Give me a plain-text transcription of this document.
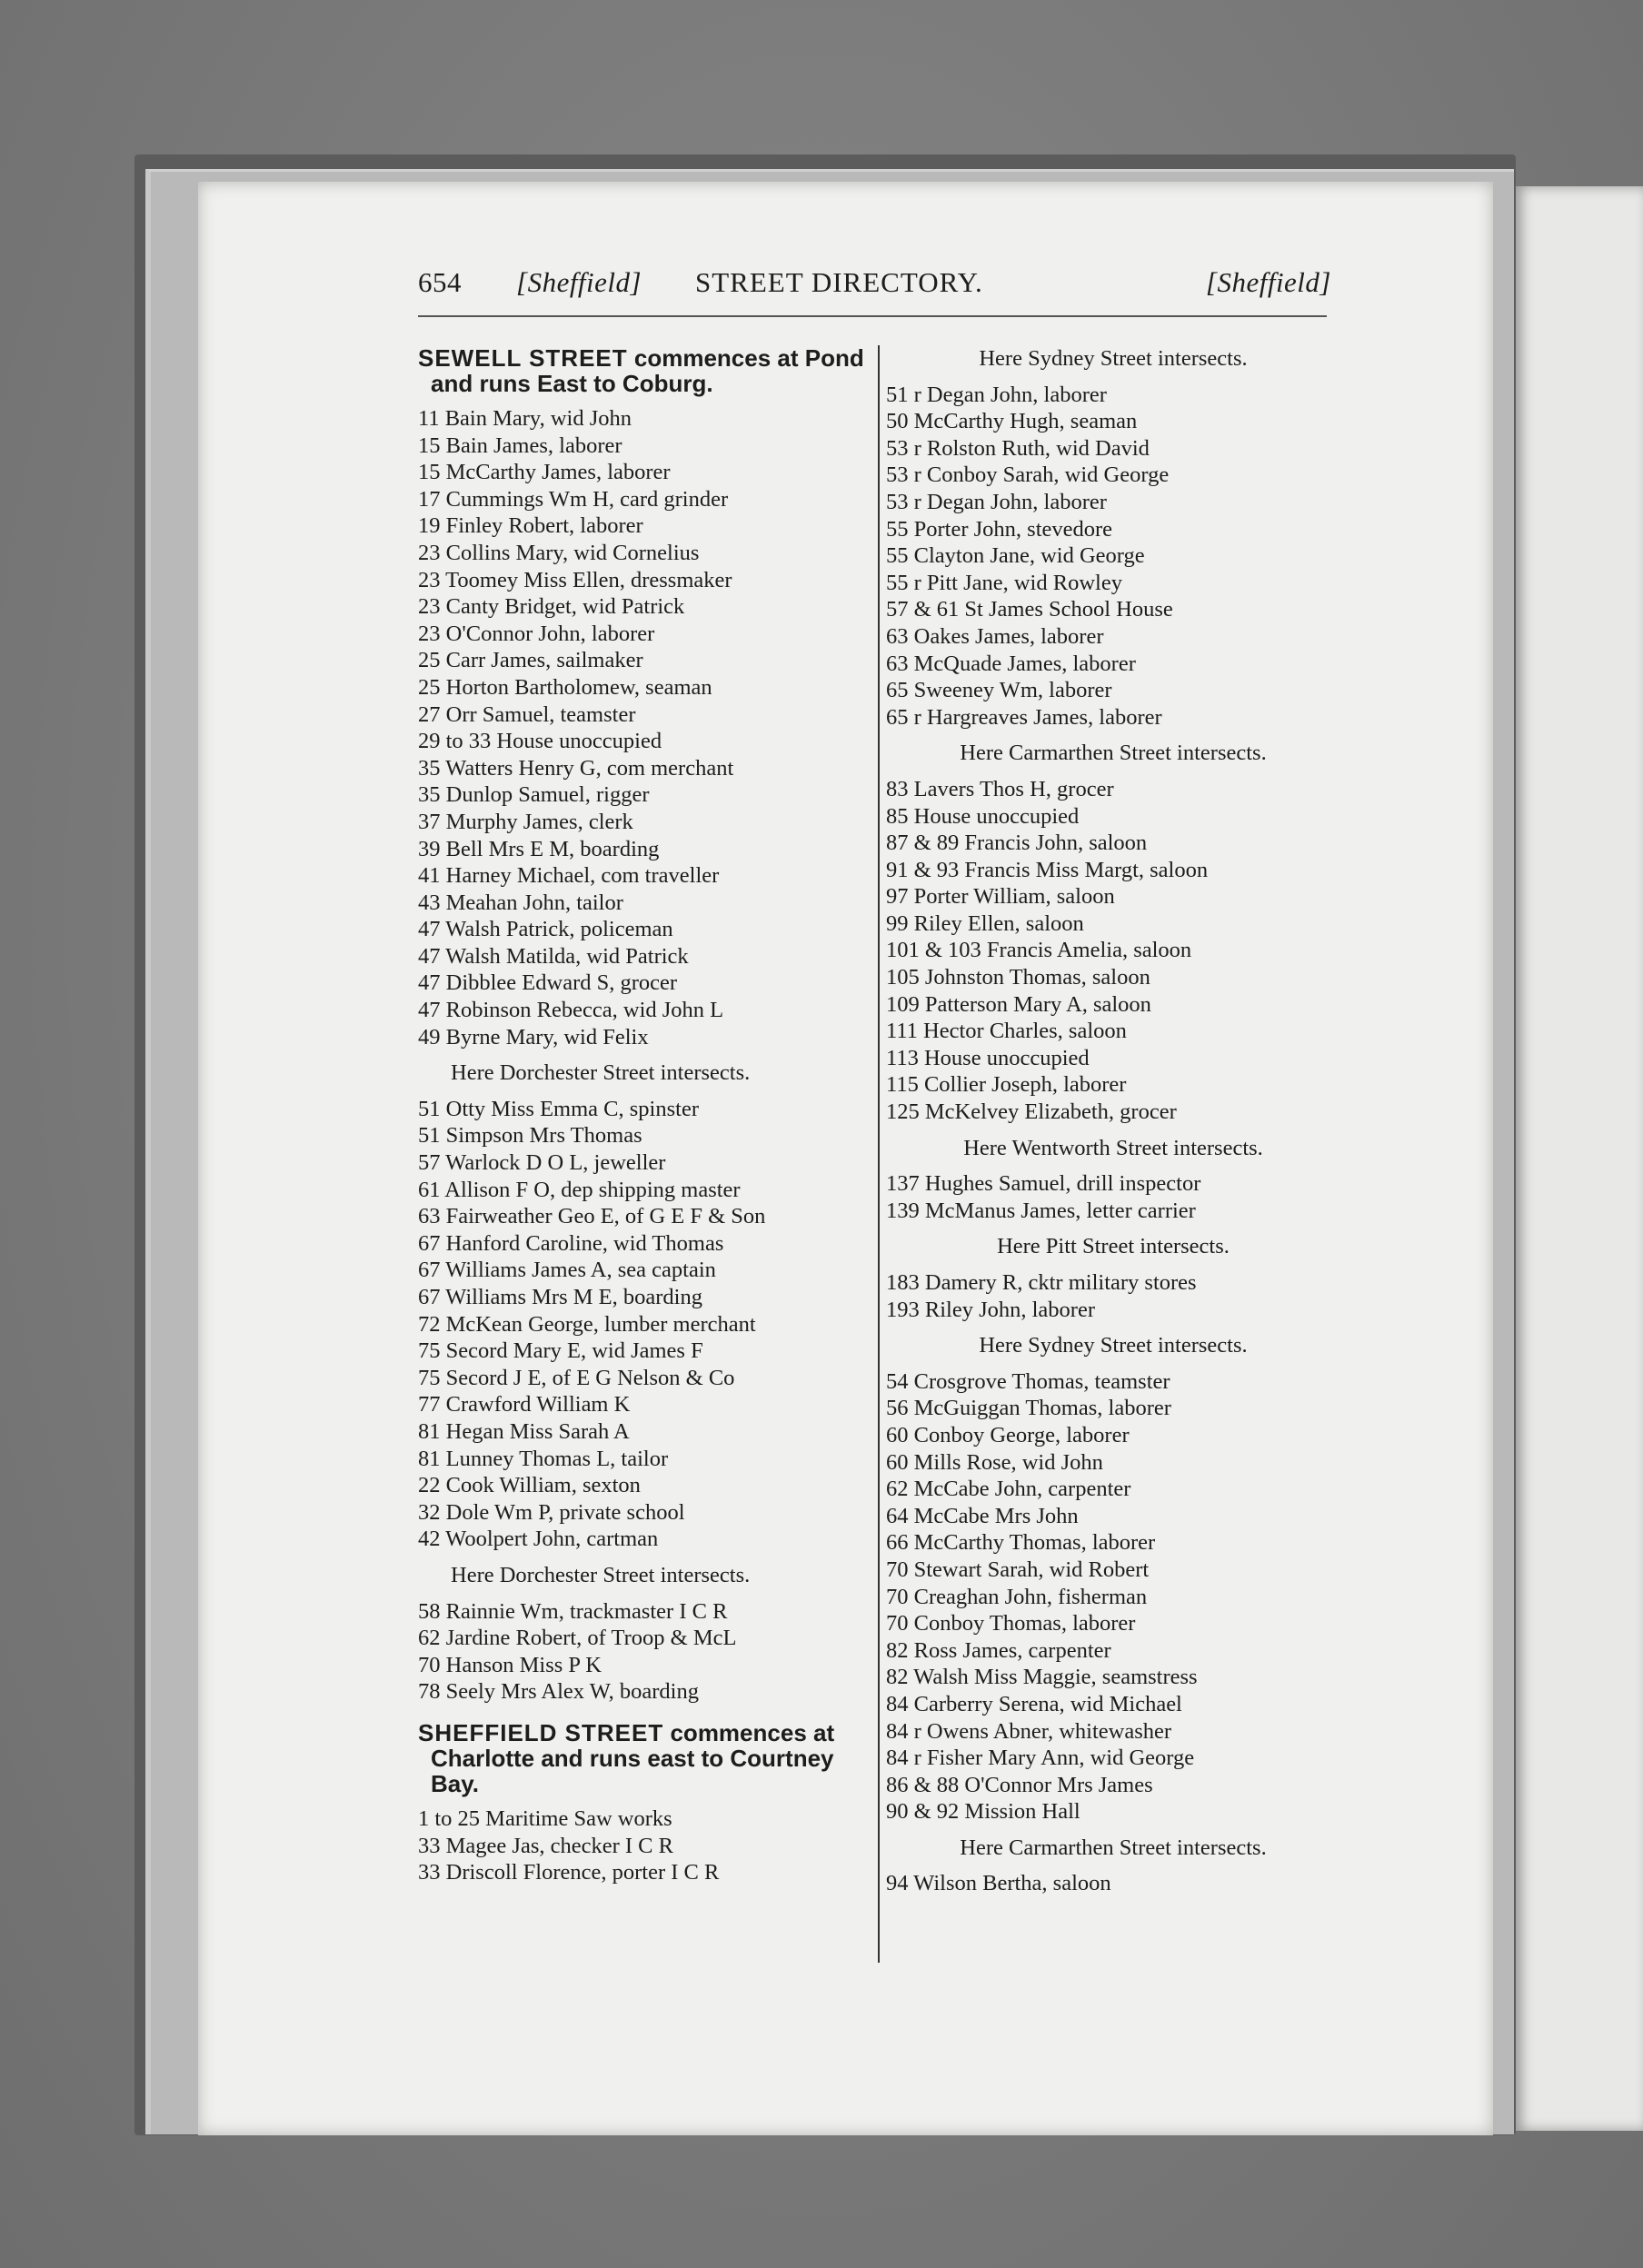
654 [Sheffield] STREET DIRECTORY.	[Sheffield]
SEWELL STREET commences at Pond and runs East to Coburg.
11 Bain Mary, wid John
15 Bain James, laborer
15 McCarthy James, laborer
17 Cummings Wm H, card grinder
19 Finley Robert, laborer
23 Collins Mary, wid Cornelius
23 Toomey Miss Ellen, dressmaker
23 Canty Bridget, wid Patrick
23 O'Connor John, laborer
25 Carr James, sailmaker
25 Horton Bartholomew, seaman
27 Orr Samuel, teamster
29 to 33 House unoccupied
35 Watters Henry G, com merchant
35 Dunlop Samuel, rigger
37 Murphy James, clerk
39 Bell Mrs E M, boarding
41 Harney Michael, com traveller
43 Meahan John, tailor
47 Walsh Patrick, policeman
47 Walsh Matilda, wid Patrick
47 Dibblee Edward S, grocer
47 Robinson Rebecca, wid John L
49 Byrne Mary, wid Felix
Here Dorchester Street intersects.
51 Otty Miss Emma C, spinster
51 Simpson Mrs Thomas
57 Warlock D O L, jeweller
61 Allison F O, dep shipping master
63 Fairweather Geo E, of G E F & Son
67 Hanford Caroline, wid Thomas
67 Williams James A, sea captain
67 Williams Mrs M E, boarding
72 McKean George, lumber merchant
75 Secord Mary E, wid James F
75 Secord J E, of E G Nelson & Co
77 Crawford William K
81 Hegan Miss Sarah A
81 Lunney Thomas L, tailor
22 Cook William, sexton
32 Dole Wm P, private school
42 Woolpert John, cartman
Here Dorchester Street intersects.
58 Rainnie Wm, trackmaster I C R
62 Jardine Robert, of Troop & McL
70 Hanson Miss P K
78 Seely Mrs Alex W, boarding
SHEFFIELD STREET commences at Charlotte and runs east to Courtney Bay.
1 to 25 Maritime Saw works
33 Magee Jas, checker I C R
33 Driscoll Florence, porter I C R
Here Sydney Street intersects.
51 r Degan John, laborer
50 McCarthy Hugh, seaman
53 r Rolston Ruth, wid David
53 r Conboy Sarah, wid George
53 r Degan John, laborer
55 Porter John, stevedore
55 Clayton Jane, wid George
55 r Pitt Jane, wid Rowley
57 & 61 St James School House
63 Oakes James, laborer
63 McQuade James, laborer
65 Sweeney Wm, laborer
65 r Hargreaves James, laborer
Here Carmarthen Street intersects.
83 Lavers Thos H, grocer
85 House unoccupied
87 & 89 Francis John, saloon
91 & 93 Francis Miss Margt, saloon
97 Porter William, saloon
99 Riley Ellen, saloon
101 & 103 Francis Amelia, saloon
105 Johnston Thomas, saloon
109 Patterson Mary A, saloon
111 Hector Charles, saloon
113 House unoccupied
115 Collier Joseph, laborer
125 McKelvey Elizabeth, grocer
Here Wentworth Street intersects.
137 Hughes Samuel, drill inspector
139 McManus James, letter carrier
Here Pitt Street intersects.
183 Damery R, cktr military stores
193 Riley John, laborer
Here Sydney Street intersects.
54 Crosgrove Thomas, teamster
56 McGuiggan Thomas, laborer
60 Conboy George, laborer
60 Mills Rose, wid John
62 McCabe John, carpenter
64 McCabe Mrs John
66 McCarthy Thomas, laborer
70 Stewart Sarah, wid Robert
70 Creaghan John, fisherman
70 Conboy Thomas, laborer
82 Ross James, carpenter
82 Walsh Miss Maggie, seamstress
84 Carberry Serena, wid Michael
84 r Owens Abner, whitewasher
84 r Fisher Mary Ann, wid George
86 & 88 O'Connor Mrs James
90 & 92 Mission Hall
Here Carmarthen Street intersects.
94 Wilson Bertha, saloon
